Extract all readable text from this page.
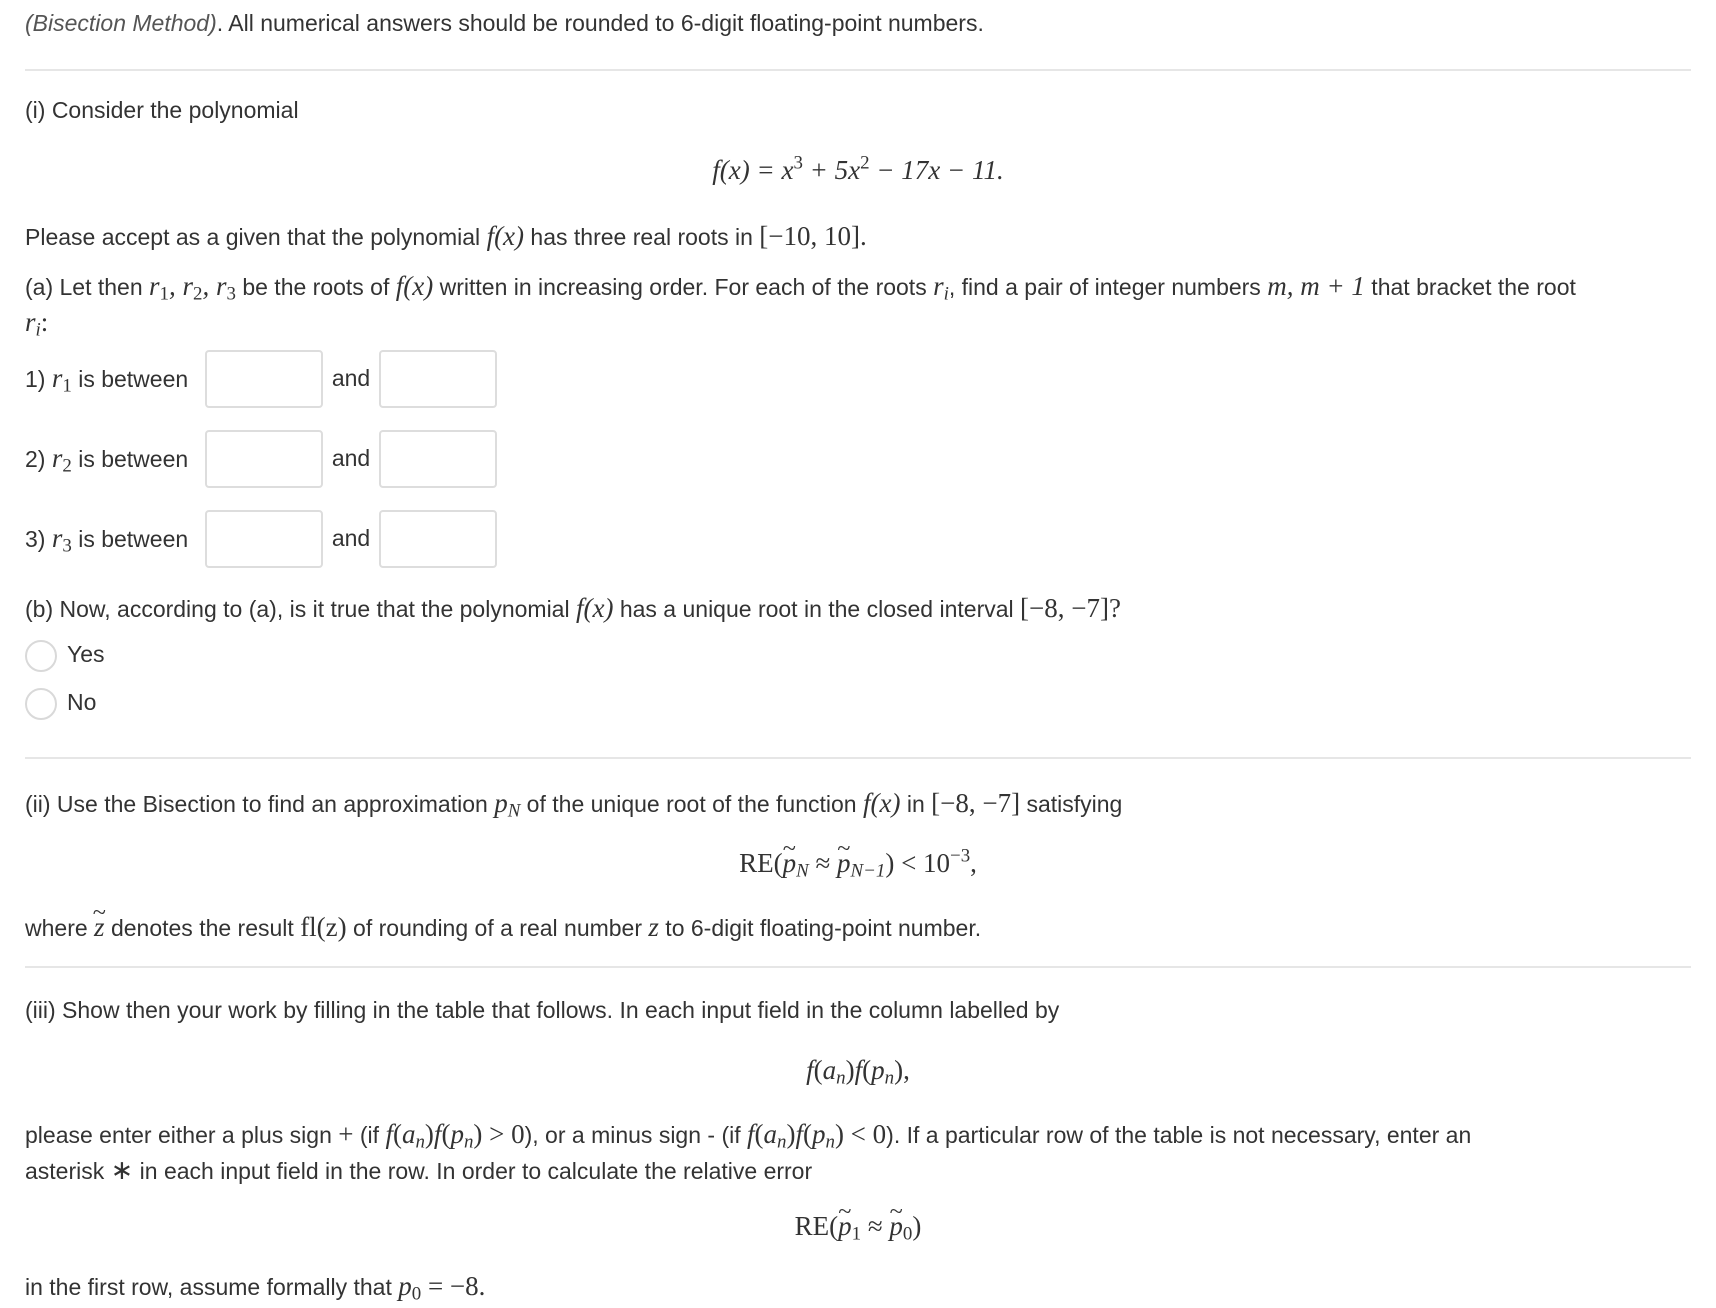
(Bisection Method). All numerical answers should be rounded to 6-digit floating-point numbers.
(i) Consider the polynomial
$f(x) = x^3 + 5x^2 - 17x - 11$.
Please accept as a given that the polynomial f(x) has three real roots in [−10, 10].
(a) Let then $r_1$, $r_2$, $r_3$ be the roots of f(x) written in increasing order. For each of the roots $r_i$, find a pair of integer numbers m, m + 1 that bracket the root
$r_i$:
1) $r_1$ is between	and
2) $r_2$ is between	and
3) $r_3$ is between	and
(b) Now, according to (a), is it true that the polynomial f(x) has a unique root in the closed interval [−8, −7]?
Yes
No
(ii) Use the Bisection to find an approximation $p_N$ of the unique root of the function f(x) in [−8, −7] satisfying
RE(~ $p_N$ ≈ ~ $p_{N-1}) < 10^{-3}$,
where ~ z denotes the result fl(z) of rounding of a real number z to 6-digit floating-point number.
(iii) Show then your work by filling in the table that follows. In each input field in the column labelled by
$f(a_n)f(p_n)$,
please enter either a plus sign + (if $f(a_n)f(p_n) > 0$), or a minus sign - (if $f(a_n)f(p_n) < 0$). If a particular row of the table is not necessary, enter an
asterisk ∗ in each input field in the row. In order to calculate the relative error
RE(~ $p_1$ ≈ ~ $p_0$)
in the first row, assume formally that $p_0 = -8$.
